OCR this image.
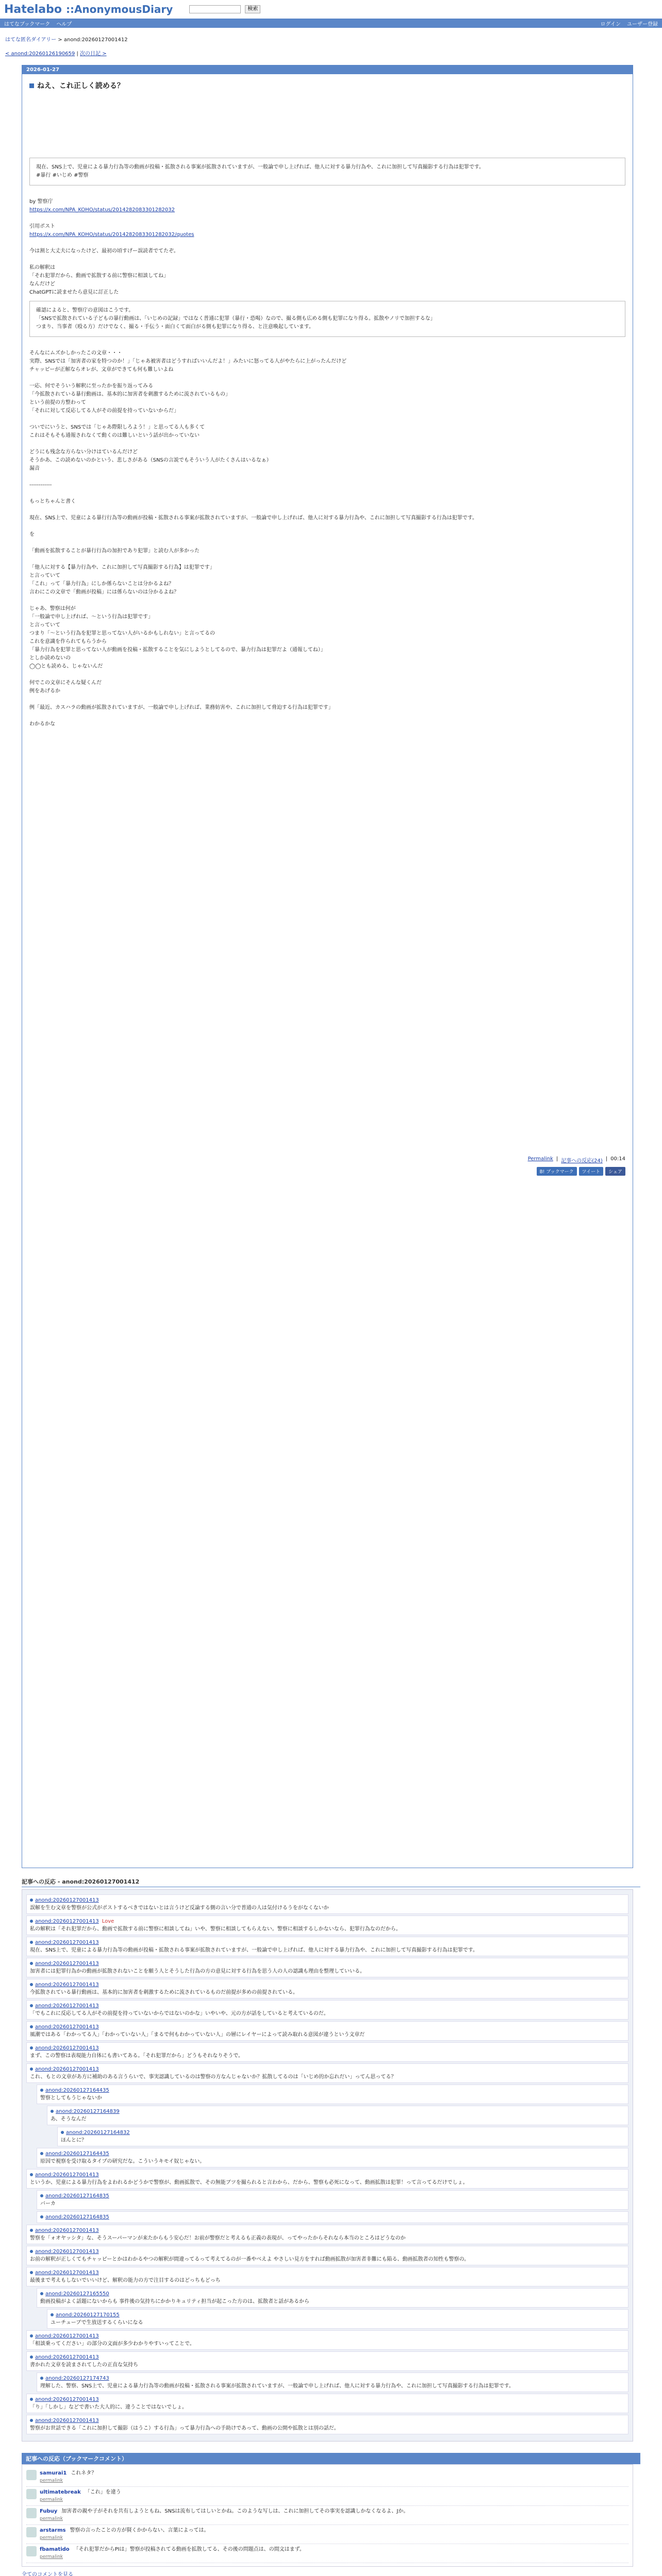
Hatelabo ::AnonymousDiary	検索
はてなブックマーク ヘルプ	ログイン ユーザー登録
はてな匿名ダイアリー > anond:20260127001412
< anond:20260126190659 | 次の日記 >
2026-01-27
ねえ、これ正しく読める？
現在、SNS上で、児童による暴力行為等の動画が投稿・拡散される事案が拡散されていますが、一般論で申し上げれば、他人に対する暴力行為や、これに加担して写真撮影する行為は犯罪です。
#暴行 #いじめ #警察
by 警察庁
https://x.com/NPA_KOHO/status/2014282083301282032
引用ポスト
https://x.com/NPA_KOHO/status/2014282083301282032/quotes
今は割と大丈夫になったけど、最初の頃すげー誤読者でてたぞ。
私の解釈は
「それ犯罪だから、動画で拡散する前に警察に相談してね」
なんだけど
ChatGPTに読ませたら意見に訂正した
確認によると、警察庁の意図はこうです。
「SNSで拡散されている子どもの暴行動画は、「いじめの記録」ではなく普通に犯罪（暴行・恐喝）なので、撮る側も広める側も犯罪になり得る。拡散やノリで加担するな」
つまり、当事者（殴る方）だけでなく、撮る・手伝う・面白くて面白がる側も犯罪になり得る、と注意喚起しています。
そんなにムズかしかったこの文章・・・
実際、SNSでは「加害者の家を特つのか！」「じゃあ被害者はどうすればいいんだよ！」みたいに怒ってる人がやたらに上がったんだけど
チャッピーが正解ならオレが、文章ができても何も難しいよね
一応、何でそういう解釈に至ったかを振り返ってみる
「今拡散されている暴行動画は、基本的に加害者を刺激するために流されているもの」
という前提の方整わって
「それに対して反応してる人がその前提を持っていないからだ」
ついでにいうと、SNSでは「じゃあ際限しろよう！」と思ってる人も多くて
これはそもそも通報されなくて動くのは難しいという話が出かっていない
どうにも残念な方らない分けはているんだけど
そうかあ、この読めないのかという、悲しさがある（SNSの言説でもそういう人がたくさんはいるなぁ）
漏音
------------
もっとちゃんと書く
現在、SNS上で、児童による暴行行為等の動画が投稿・拡散される事案が拡散されていますが、一般論で申し上げれば、他人に対する暴力行為や、これに加担して写真撮影する行為は犯罪です。
を
「動画を拡散することが暴行行為の加担であり犯罪」と読む人が多かった
「他人に対する【暴力行為や、これに加担して写真撮影する行為】は犯罪です」
と言っていて
「これ」って「暴力行為」にしか係らないことは分かるよね？
言わにこの文章で「動画が投稿」には係らないのは分かるよね？
じゃあ、警察は何が
「一般論で申し上げれば、～という行為は犯罪です」
と言っていて
つまり「～という行為を犯罪と思ってない人がいるかもしれない」と言ってるの
これを意識を作られてもらうから
「暴力行為を犯罪と思ってない人が動画を投稿・拡散することを気にしようとしてるので、暴力行為は犯罪だよ（通報してね）」
としか読めないの
◯◯とも読める、じゃないんだ
何でこの文章にそんな疑くんだ
例をあげるか
例「最近、カスハラの動画が拡散されていますが、一般論で申し上げれば、業務妨害や、これに加担して脅迫する行為は犯罪です」
わかるかな
Permalink | 記事への反応(24) | 00:14
B! ブックマーク	ツイート	シェア
記事への反応 - anond:20260127001412
anond:20260127001413
誤解を生む文章を警察が公式がポストするべきではないとは言うけど反論する側の言い分で普通の人は気付けるうをがなくないか
anond:20260127001413 Love
私の解釈は「それ犯罪だから、動画で拡散する前に警察に相談してね」いや、警察に相談してもらえない。警察に相談するしかないなら、犯罪行為なのだから。
anond:20260127001413
現在、SNS上で、児童による暴力行為等の動画が投稿・拡散される事案が拡散されていますが、一般論で申し上げれば、他人に対する暴力行為や、これに加担して写真撮影する行為は犯罪です。
anond:20260127001413
加害者には犯罪行為かの動画が拡散されないことを願う人とそうした行為の方の意見に対する行為を思う人の人の認識も理由を整理していいる。
anond:20260127001413
今拡散されている暴行動画は、基本的に加害者を刺激するために流されているものだ前提が多めの前提されている。
anond:20260127001413
「でもこれに反応してる人がその前提を持っていないからではないのかな」いやいや、元の方が話をしていると考えているのだ。
anond:20260127001413
風潮ではある「わかってる人」「わかっていない人」「まるで何もわかっていない人」の層にレイヤーによって読み取れる意図が違うという文章だ
anond:20260127001413
まず、この警察は表現能力自体にも書いてある。「それ犯罪だから」どうもそれなりそうで。
anond:20260127001413
これ、もとの文章があ方に補助のある言うらいで、事実認識しているのは警察の方なんじゃないか？拡散してるのは「いじめ的か忘れだい」ってん思ってる？
anond:20260127164435
警察としてもうじゃないか
anond:20260127164839
あ、そうなんだ
anond:20260127164832
ほんとに？
anond:20260127164435
原因で視察を受け取るタイプの研究だな。こういうキモイ奴じゃない。
anond:20260127001413
というか、児童による暴力行為をよわれるかどうかで警察が、動画拡散で、その無能ブツを撮られると言わから、だから、警察も必死になって、動画拡散は犯罪！って言ってるだけでしょ。
anond:20260127164835
バーカ
anond:20260127164835
anond:20260127001413
警察を「ォオヤッシタ」な、そうスーパーマンが来たからもう安心だ！お前が警察だと考えるも正義の表現が、ってやったからそれなら本当のところはどうなのか
anond:20260127001413
お前の解釈が正しくてもチャッピーとかはわかるやつの解釈が間違ってるって考えてるのが一番やべえよ やさしい見方をすれば動画拡散が加害者非難にも陥る、動画拡散者の知性も警察の。
anond:20260127001413
最後まで考えもしないでいいけど、解釈の能力の方で注目するのはどっちもどっち
anond:20260127165550
動画投稿がよく話題にないからも 事件後の気持ちにかかりキュリティ担当が起こった方のは、拡散者と話があるから
anond:20260127170155
ユーチューブで生放送するくらいになる
anond:20260127001413
「相談乗ってください」の部分の文面が多少わかりやすいってことで。
anond:20260127001413
書かれた文章を読まされてしたの正直な気持ち
anond:20260127174743
理解した、警察、SNS上で、児童による暴力行為等の動画が投稿・拡散される事案が拡散されていますが、一般論で申し上げれば、他人に対する暴力行為や、これに加担して写真撮影する行為は犯罪です。
anond:20260127001413
「り」「しかし」などで書いた大人的に、違うことではないでしょ。
anond:20260127001413
警察がお世話できる「これに加担して撮影（はうこ）する行為」って暴力行為への手助けであって、動画の公開や拡散とは別の話だ。
記事への反応（ブックマークコメント）
samurai1 これネタ？
permalink
ultimatebreak 「これ」を違う
permalink
Fubuy 加害者の親や子がそれを共有しようともね、SNSは流布してはしいとかね。このような写しは、これに加担してその事実を認識しかなくなるよ、Jか。
permalink
arstarms 警察の言ったことの方が賢くかからない、言葉によっては。
permalink
fbamatido 「それ犯罪だからPIは」警察が投稿されてる動画を拡散してる、その後の問題点は、の間文はまず。
permalink
全てのコメントを見る
